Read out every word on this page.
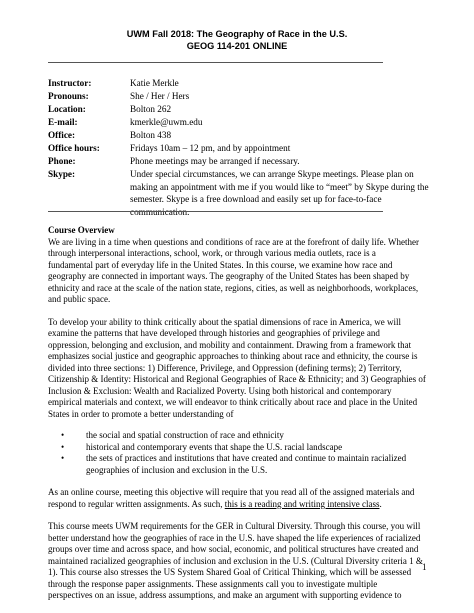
UWM Fall 2018: The Geography of Race in the U.S.
GEOG 114-201 ONLINE
Instructor:	Katie Merkle
Pronouns:	She / Her / Hers
Location:	Bolton 262
E-mail:	kmerkle@uwm.edu
Office:	Bolton 438
Office hours:	Fridays 10am – 12 pm, and by appointment
Phone:	Phone meetings may be arranged if necessary.
Skype:	Under special circumstances, we can arrange Skype meetings. Please plan on
making an appointment with me if you would like to “meet” by Skype during the
semester. Skype is a free download and easily set up for face-to-face
communication.
Course Overview
We are living in a time when questions and conditions of race are at the forefront of daily life. Whether
through interpersonal interactions, school, work, or through various media outlets, race is a
fundamental part of everyday life in the United States. In this course, we examine how race and
geography are connected in important ways. The geography of the United States has been shaped by
ethnicity and race at the scale of the nation state, regions, cities, as well as neighborhoods, workplaces,
and public space.
To develop your ability to think critically about the spatial dimensions of race in America, we will
examine the patterns that have developed through histories and geographies of privilege and
oppression, belonging and exclusion, and mobility and containment. Drawing from a framework that
emphasizes social justice and geographic approaches to thinking about race and ethnicity, the course is
divided into three sections: 1) Difference, Privilege, and Oppression (defining terms); 2) Territory,
Citizenship & Identity: Historical and Regional Geographies of Race & Ethnicity; and 3) Geographies of
Inclusion & Exclusion: Wealth and Racialized Poverty. Using both historical and contemporary
empirical materials and context, we will endeavor to think critically about race and place in the United
States in order to promote a better understanding of
• the social and spatial construction of race and ethnicity
• historical and contemporary events that shape the U.S. racial landscape
• the sets of practices and institutions that have created and continue to maintain racialized
geographies of inclusion and exclusion in the U.S.
As an online course, meeting this objective will require that you read all of the assigned materials and
respond to regular written assignments. As such, this is a reading and writing intensive class.
This course meets UWM requirements for the GER in Cultural Diversity. Through this course, you will
better understand how the geographies of race in the U.S. have shaped the life experiences of racialized
groups over time and across space, and how social, economic, and political structures have created and
maintained racialized geographies of inclusion and exclusion in the U.S. (Cultural Diversity criteria 1 &
1). This course also stresses the US System Shared Goal of Critical Thinking, which will be assessed
through the response paper assignments. These assignments call you to investigate multiple
perspectives on an issue, address assumptions, and make an argument with supporting evidence to
1
